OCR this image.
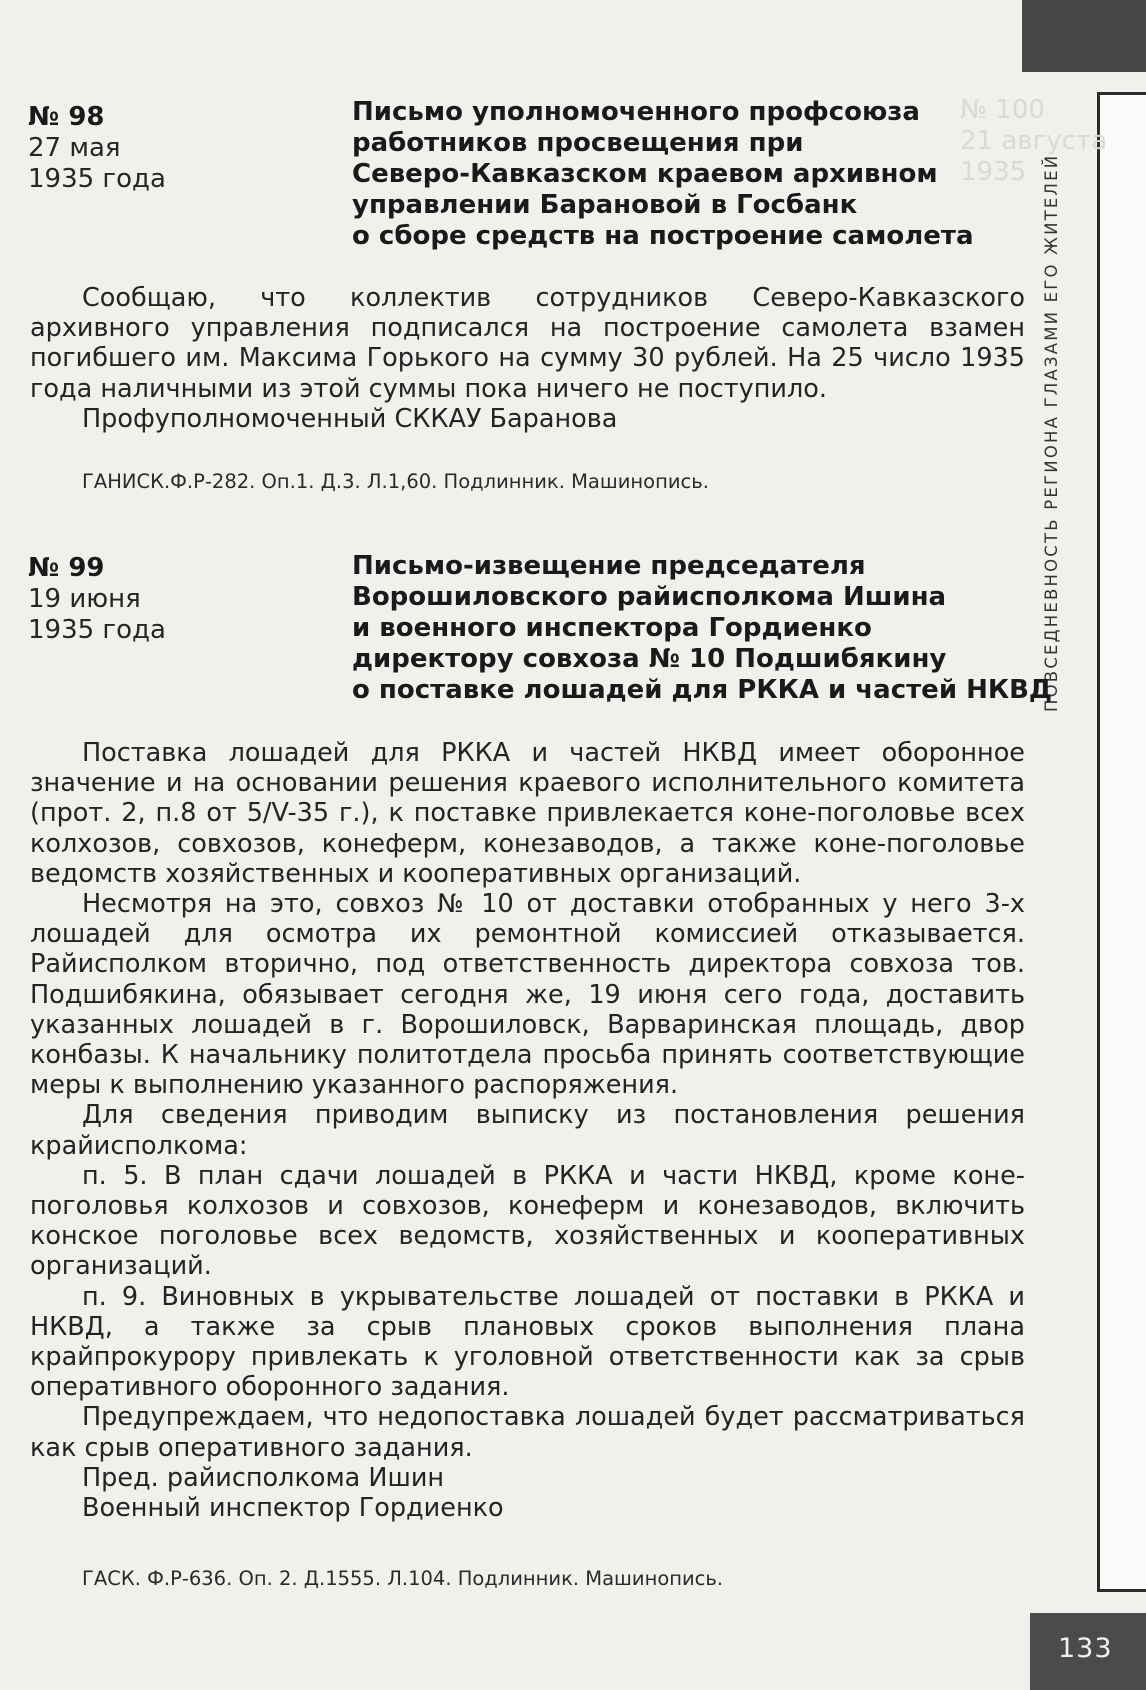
ПОВСЕДНЕВНОСТЬ РЕГИОНА ГЛАЗАМИ ЕГО ЖИТЕЛЕЙ
№ 100
21 августа
1935
№ 98
27 мая
1935 года
Письмо уполномоченного профсоюза
работников просвещения при
Северо-Кавказском краевом архивном
управлении Барановой в Госбанк
о сборе средств на построение самолета

Сообщаю, что коллектив сотрудников Северо-Кавказского архивного управления подписался на построение самолета взамен погибшего им. Максима Горького на сумму 30 рублей. На 25 число 1935 года наличными из этой суммы пока ничего не поступило.

Профуполномоченный СККАУ Баранова

ГАНИСК.Ф.Р-282. Оп.1. Д.3. Л.1,60. Подлинник. Машинопись.
№ 99
19 июня
1935 года
Письмо-извещение председателя
Ворошиловского райисполкома Ишина
и военного инспектора Гордиенко
директору совхоза № 10 Подшибякину
о поставке лошадей для РККА и частей НКВД

Поставка лошадей для РККА и частей НКВД имеет оборонное значение и на основании решения краевого исполнительного комитета (прот. 2, п.8 от 5/V-35 г.), к поставке привлекается коне-поголовье всех колхозов, совхозов, конеферм, конезаводов, а также коне-поголовье ведомств хозяйственных и кооперативных организаций.

Несмотря на это, совхоз № 10 от доставки отобранных у него 3-х лошадей для осмотра их ремонтной комиссией отказывается. Райисполком вторично, под ответственность директора совхоза тов. Подшибякина, обязывает сегодня же, 19 июня сего года, доставить указанных лошадей в г. Ворошиловск, Варваринская площадь, двор конбазы. К начальнику политотдела просьба принять соответствующие меры к выполнению указанного распоряжения.

Для сведения приводим выписку из постановления решения крайисполкома:

п. 5. В план сдачи лошадей в РККА и части НКВД, кроме коне-поголовья колхозов и совхозов, конеферм и конезаводов, включить конское поголовье всех ведомств, хозяйственных и кооперативных организаций.

п. 9. Виновных в укрывательстве лошадей от поставки в РККА и НКВД, а также за срыв плановых сроков выполнения плана крайпрокурору привлекать к уголовной ответственности как за срыв оперативного оборонного задания.

Предупреждаем, что недопоставка лошадей будет рассматриваться как срыв оперативного задания.

Пред. райисполкома Ишин

Военный инспектор Гордиенко

ГАСК. Ф.Р-636. Оп. 2. Д.1555. Л.104. Подлинник. Машинопись.
133
